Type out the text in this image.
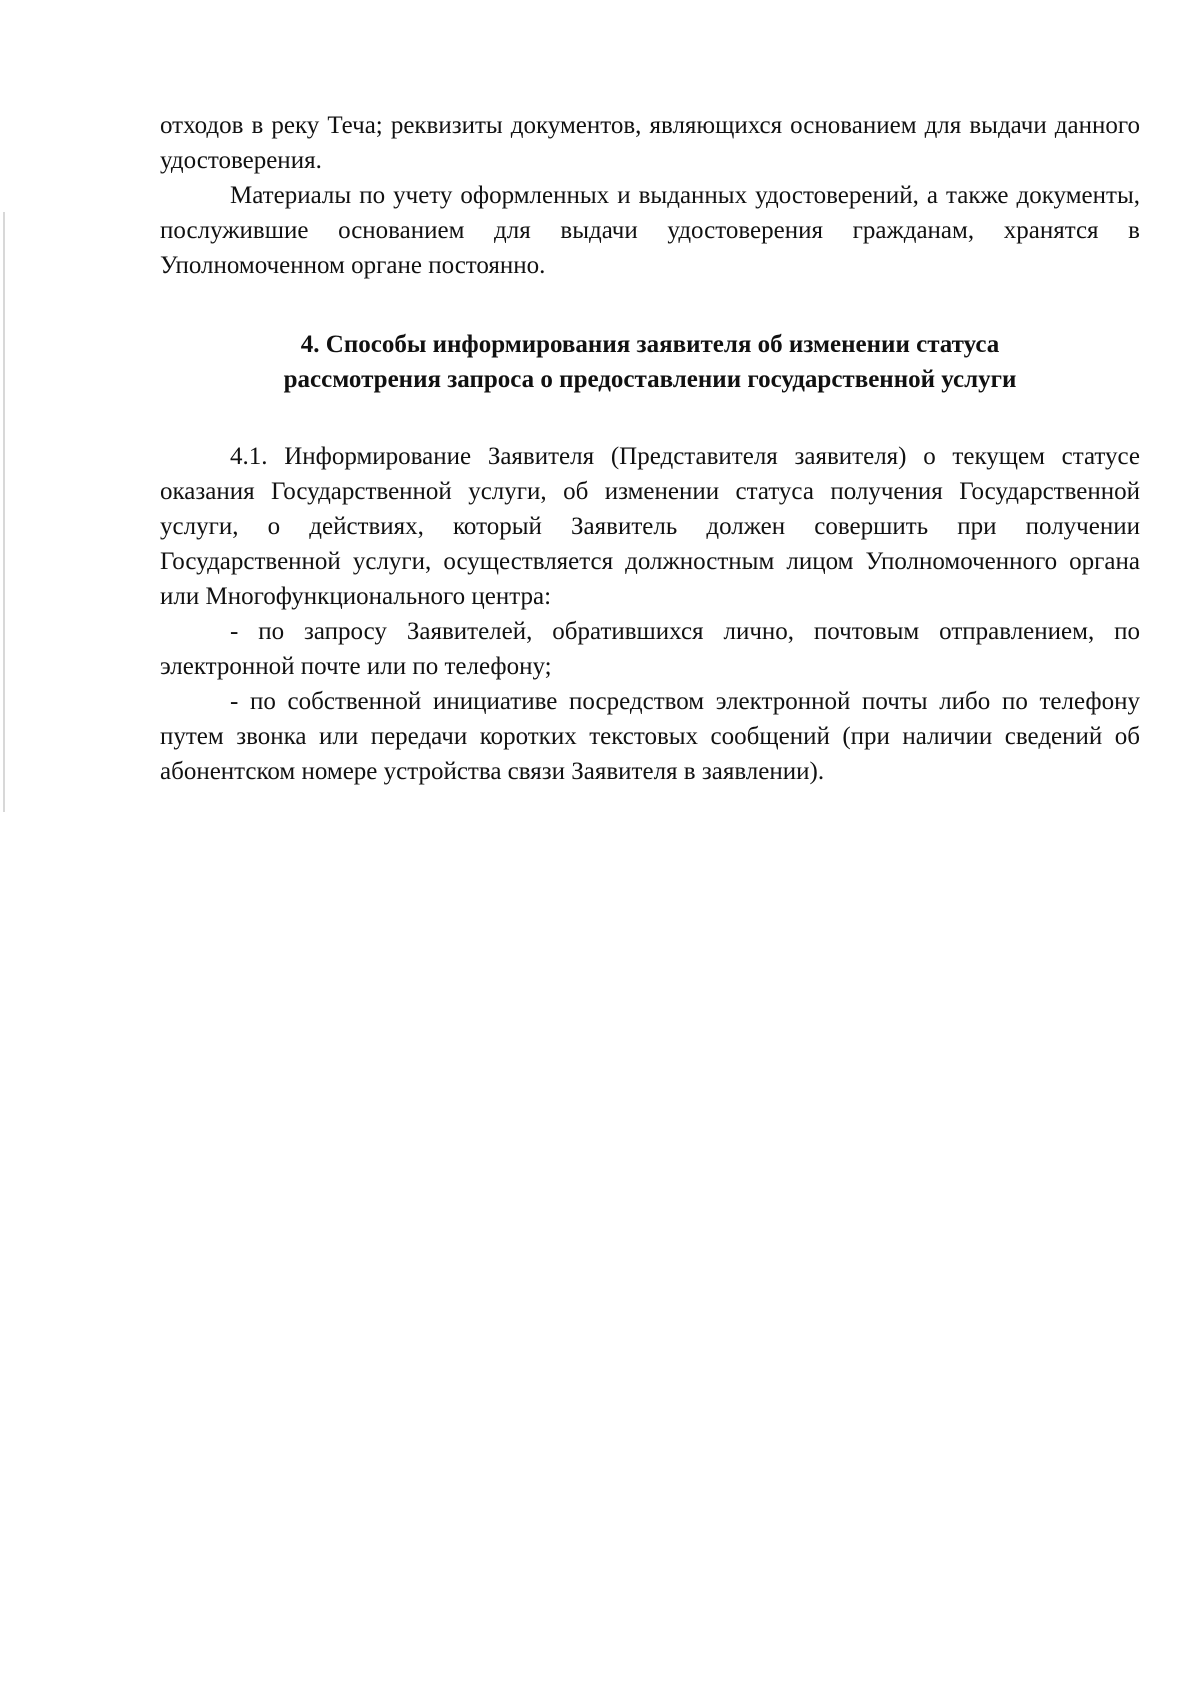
отходов в реку Теча; реквизиты документов, являющихся основанием для выдачи данного удостоверения.

Материалы по учету оформленных и выданных удостоверений, а также документы, послужившие основанием для выдачи удостоверения гражданам, хранятся в Уполномоченном органе постоянно.

4. Способы информирования заявителя об изменении статуса
рассмотрения запроса о предоставлении государственной услуги

4.1. Информирование Заявителя (Представителя заявителя) о текущем статусе оказания Государственной услуги, об изменении статуса получения Государственной услуги, о действиях, который Заявитель должен совершить при получении Государственной услуги, осуществляется должностным лицом Уполномоченного органа или Многофункционального центра:

- по запросу Заявителей, обратившихся лично, почтовым отправлением, по электронной почте или по телефону;

- по собственной инициативе посредством электронной почты либо по телефону путем звонка или передачи коротких текстовых сообщений (при наличии сведений об абонентском номере устройства связи Заявителя в заявлении).
